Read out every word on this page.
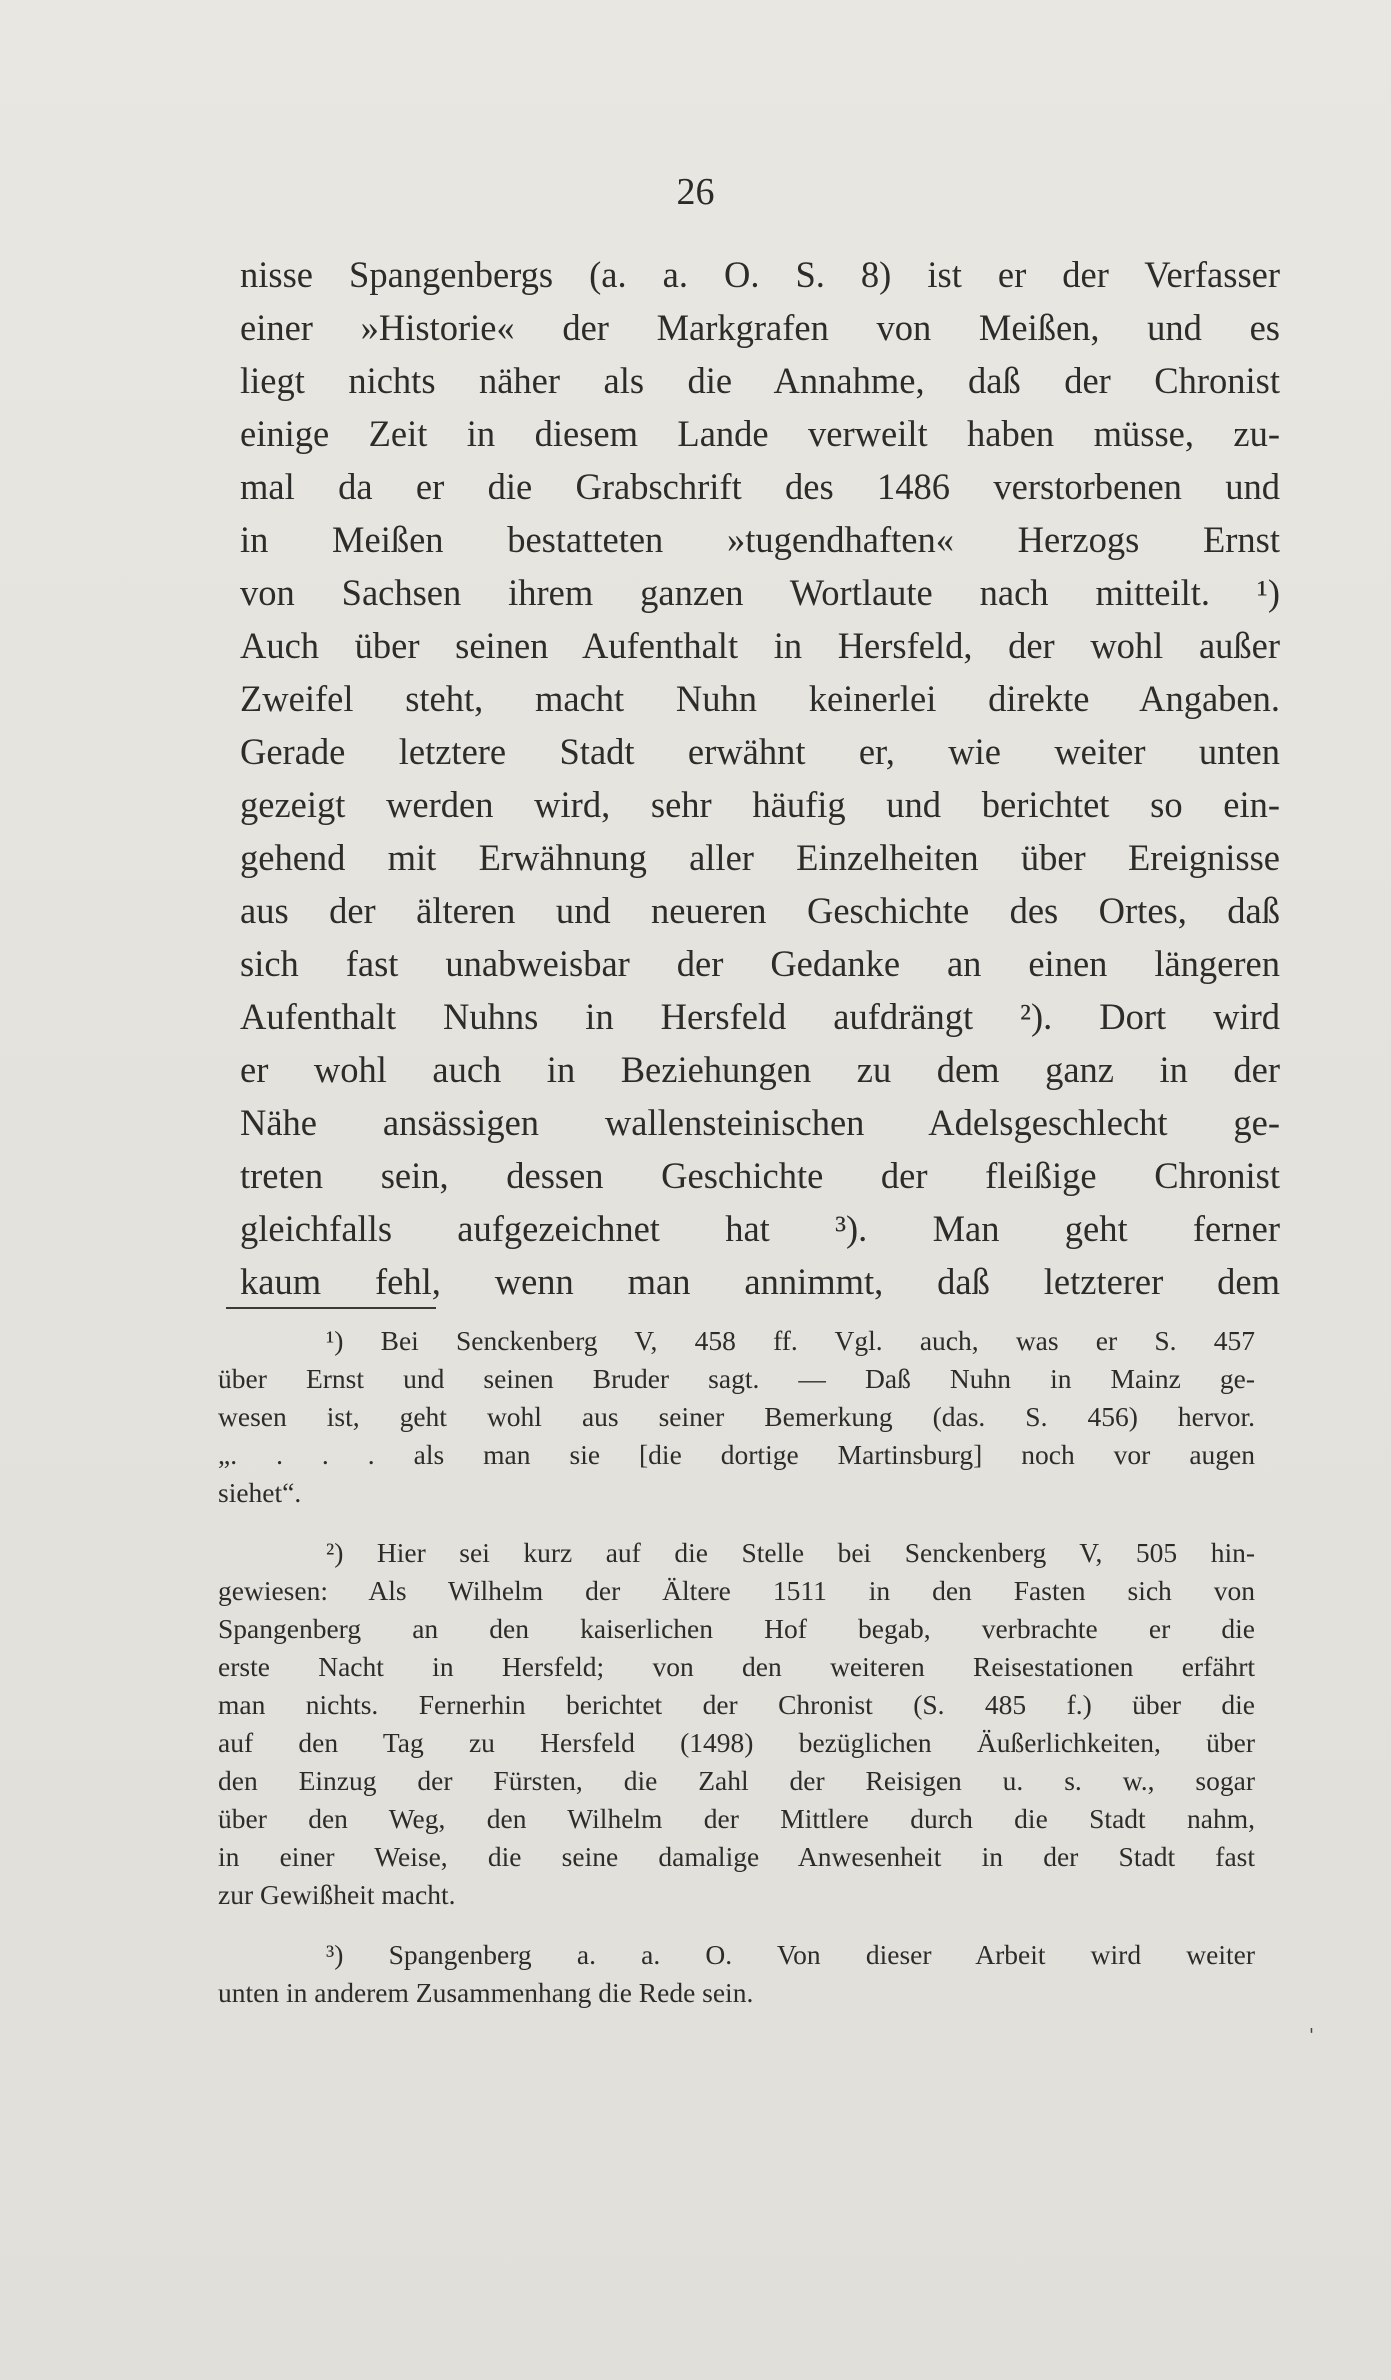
26
nisse Spangenbergs (a. a. O. S. 8) ist er der Verfasser
einer »Historie« der Markgrafen von Meißen, und es
liegt nichts näher als die Annahme, daß der Chronist
einige Zeit in diesem Lande verweilt haben müsse, zu-
mal da er die Grabschrift des 1486 verstorbenen und
in Meißen bestatteten »tugendhaften« Herzogs Ernst
von Sachsen ihrem ganzen Wortlaute nach mitteilt. ¹)
Auch über seinen Aufenthalt in Hersfeld, der wohl außer
Zweifel steht, macht Nuhn keinerlei direkte Angaben.
Gerade letztere Stadt erwähnt er, wie weiter unten
gezeigt werden wird, sehr häufig und berichtet so ein-
gehend mit Erwähnung aller Einzelheiten über Ereignisse
aus der älteren und neueren Geschichte des Ortes, daß
sich fast unabweisbar der Gedanke an einen längeren
Aufenthalt Nuhns in Hersfeld aufdrängt ²). Dort wird
er wohl auch in Beziehungen zu dem ganz in der
Nähe ansässigen wallensteinischen Adelsgeschlecht ge-
treten sein, dessen Geschichte der fleißige Chronist
gleichfalls aufgezeichnet hat ³). Man geht ferner
kaum fehl, wenn man annimmt, daß letzterer dem
¹) Bei Senckenberg V, 458 ff. Vgl. auch, was er S. 457
über Ernst und seinen Bruder sagt. — Daß Nuhn in Mainz ge-
wesen ist, geht wohl aus seiner Bemerkung (das. S. 456) hervor.
„. . . . als man sie [die dortige Martinsburg] noch vor augen
siehet“.
²) Hier sei kurz auf die Stelle bei Senckenberg V, 505 hin-
gewiesen: Als Wilhelm der Ältere 1511 in den Fasten sich von
Spangenberg an den kaiserlichen Hof begab, verbrachte er die
erste Nacht in Hersfeld; von den weiteren Reisestationen erfährt
man nichts. Fernerhin berichtet der Chronist (S. 485 f.) über die
auf den Tag zu Hersfeld (1498) bezüglichen Äußerlichkeiten, über
den Einzug der Fürsten, die Zahl der Reisigen u. s. w., sogar
über den Weg, den Wilhelm der Mittlere durch die Stadt nahm,
in einer Weise, die seine damalige Anwesenheit in der Stadt fast
zur Gewißheit macht.
³) Spangenberg a. a. O. Von dieser Arbeit wird weiter
unten in anderem Zusammenhang die Rede sein.
'
